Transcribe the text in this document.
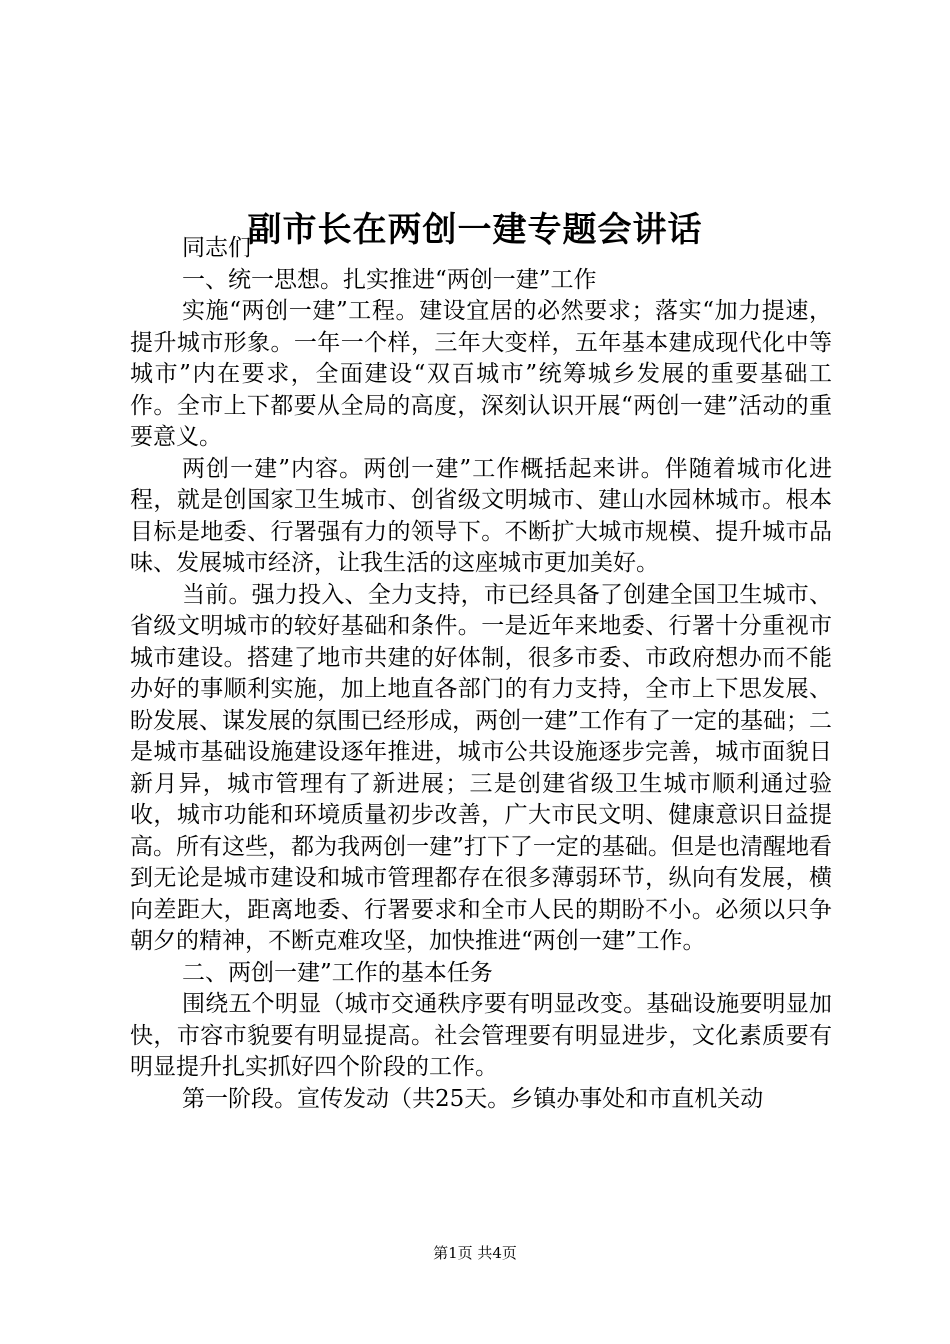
副市长在两创一建专题会讲话

同志们

一、统一思想。扎实推进“两创一建”工作

实施“两创一建”工程。建设宜居的必然要求；落实“加力提速，提升城市形象。一年一个样，三年大变样，五年基本建成现代化中等城市”内在要求，全面建设“双百城市”统筹城乡发展的重要基础工作。全市上下都要从全局的高度，深刻认识开展“两创一建”活动的重要意义。

两创一建”内容。两创一建”工作概括起来讲。伴随着城市化进程，就是创国家卫生城市、创省级文明城市、建山水园林城市。根本目标是地委、行署强有力的领导下。不断扩大城市规模、提升城市品味、发展城市经济，让我生活的这座城市更加美好。

当前。强力投入、全力支持，市已经具备了创建全国卫生城市、省级文明城市的较好基础和条件。一是近年来地委、行署十分重视市城市建设。搭建了地市共建的好体制，很多市委、市政府想办而不能办好的事顺利实施，加上地直各部门的有力支持，全市上下思发展、盼发展、谋发展的氛围已经形成，两创一建”工作有了一定的基础；二是城市基础设施建设逐年推进，城市公共设施逐步完善，城市面貌日新月异，城市管理有了新进展；三是创建省级卫生城市顺利通过验收，城市功能和环境质量初步改善，广大市民文明、健康意识日益提高。所有这些，都为我两创一建”打下了一定的基础。但是也清醒地看到无论是城市建设和城市管理都存在很多薄弱环节，纵向有发展，横向差距大，距离地委、行署要求和全市人民的期盼不小。必须以只争朝夕的精神，不断克难攻坚，加快推进“两创一建”工作。

二、两创一建”工作的基本任务

围绕五个明显（城市交通秩序要有明显改变。基础设施要明显加快，市容市貌要有明显提高。社会管理要有明显进步，文化素质要有明显提升扎实抓好四个阶段的工作。

第一阶段。宣传发动（共25天。乡镇办事处和市直机关动

第1页 共4页
